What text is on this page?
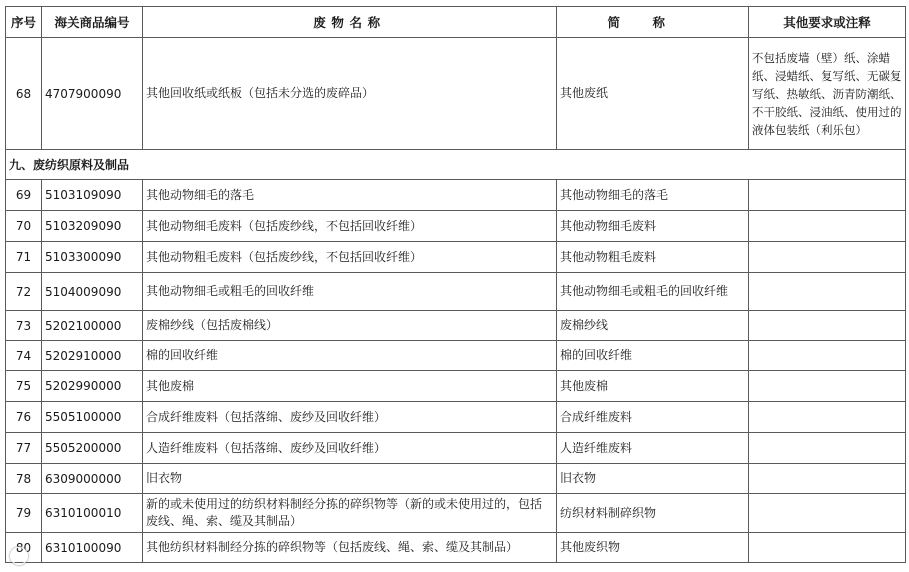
序号	海关商品编号	废物名称	简称	其他要求或注释
68	4707900090	其他回收纸或纸板（包括未分选的废碎品）	其他废纸	不包括废墙（壁）纸、涂蜡纸、浸蜡纸、复写纸、无碳复写纸、热敏纸、沥青防潮纸、不干胶纸、浸油纸、使用过的液体包装纸（利乐包）
九、废纺织原料及制品				
69	5103109090	其他动物细毛的落毛	其他动物细毛的落毛	
70	5103209090	其他动物细毛废料（包括废纱线，不包括回收纤维）	其他动物细毛废料	
71	5103300090	其他动物粗毛废料（包括废纱线，不包括回收纤维）	其他动物粗毛废料	
72	5104009090	其他动物细毛或粗毛的回收纤维	其他动物细毛或粗毛的回收纤维	
73	5202100000	废棉纱线（包括废棉线）	废棉纱线	
74	5202910000	棉的回收纤维	棉的回收纤维	
75	5202990000	其他废棉	其他废棉	
76	5505100000	合成纤维废料（包括落绵、废纱及回收纤维）	合成纤维废料	
77	5505200000	人造纤维废料（包括落绵、废纱及回收纤维）	人造纤维废料	
78	6309000000	旧衣物	旧衣物	
79	6310100010	新的或未使用过的纺织材料制经分拣的碎织物等（新的或未使用过的，包括废线、绳、索、缆及其制品）	纺织材料制碎织物	
80	6310100090	其他纺织材料制经分拣的碎织物等（包括废线、绳、索、缆及其制品）	其他废织物	
